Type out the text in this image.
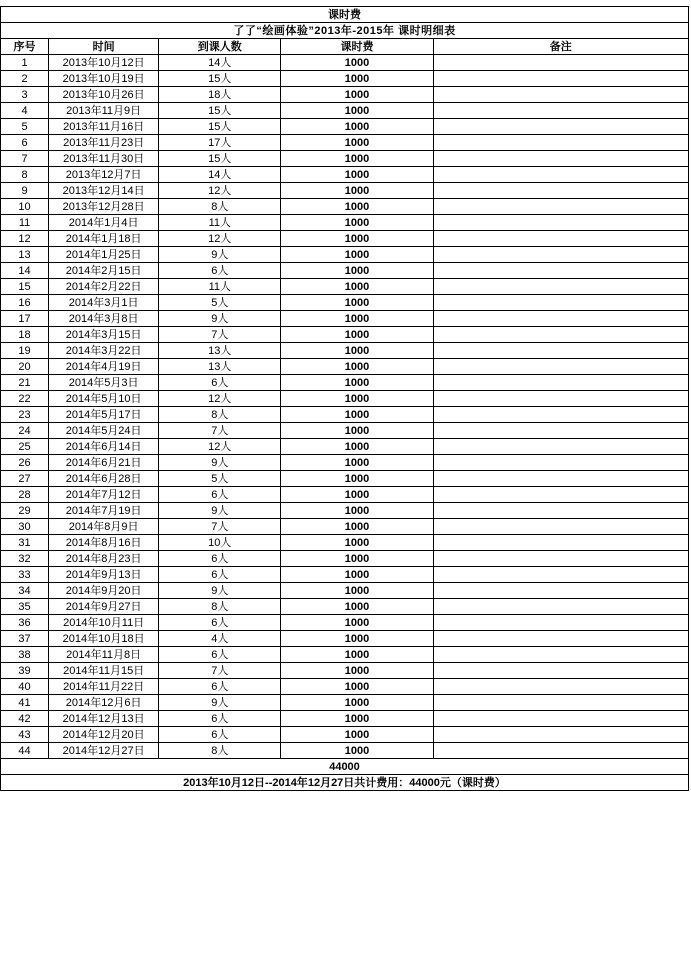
课时费				
了了“绘画体验”2013年-2015年 课时明细表				
序号	时间	到课人数	课时费	备注
1	2013年10月12日	14人	1000	
2	2013年10月19日	15人	1000	
3	2013年10月26日	18人	1000	
4	2013年11月9日	15人	1000	
5	2013年11月16日	15人	1000	
6	2013年11月23日	17人	1000	
7	2013年11月30日	15人	1000	
8	2013年12月7日	14人	1000	
9	2013年12月14日	12人	1000	
10	2013年12月28日	8人	1000	
11	2014年1月4日	11人	1000	
12	2014年1月18日	12人	1000	
13	2014年1月25日	9人	1000	
14	2014年2月15日	6人	1000	
15	2014年2月22日	11人	1000	
16	2014年3月1日	5人	1000	
17	2014年3月8日	9人	1000	
18	2014年3月15日	7人	1000	
19	2014年3月22日	13人	1000	
20	2014年4月19日	13人	1000	
21	2014年5月3日	6人	1000	
22	2014年5月10日	12人	1000	
23	2014年5月17日	8人	1000	
24	2014年5月24日	7人	1000	
25	2014年6月14日	12人	1000	
26	2014年6月21日	9人	1000	
27	2014年6月28日	5人	1000	
28	2014年7月12日	6人	1000	
29	2014年7月19日	9人	1000	
30	2014年8月9日	7人	1000	
31	2014年8月16日	10人	1000	
32	2014年8月23日	6人	1000	
33	2014年9月13日	6人	1000	
34	2014年9月20日	9人	1000	
35	2014年9月27日	8人	1000	
36	2014年10月11日	6人	1000	
37	2014年10月18日	4人	1000	
38	2014年11月8日	6人	1000	
39	2014年11月15日	7人	1000	
40	2014年11月22日	6人	1000	
41	2014年12月6日	9人	1000	
42	2014年12月13日	6人	1000	
43	2014年12月20日	6人	1000	
44	2014年12月27日	8人	1000	
44000				
2013年10月12日--2014年12月27日共计费用：44000元（课时费）				
